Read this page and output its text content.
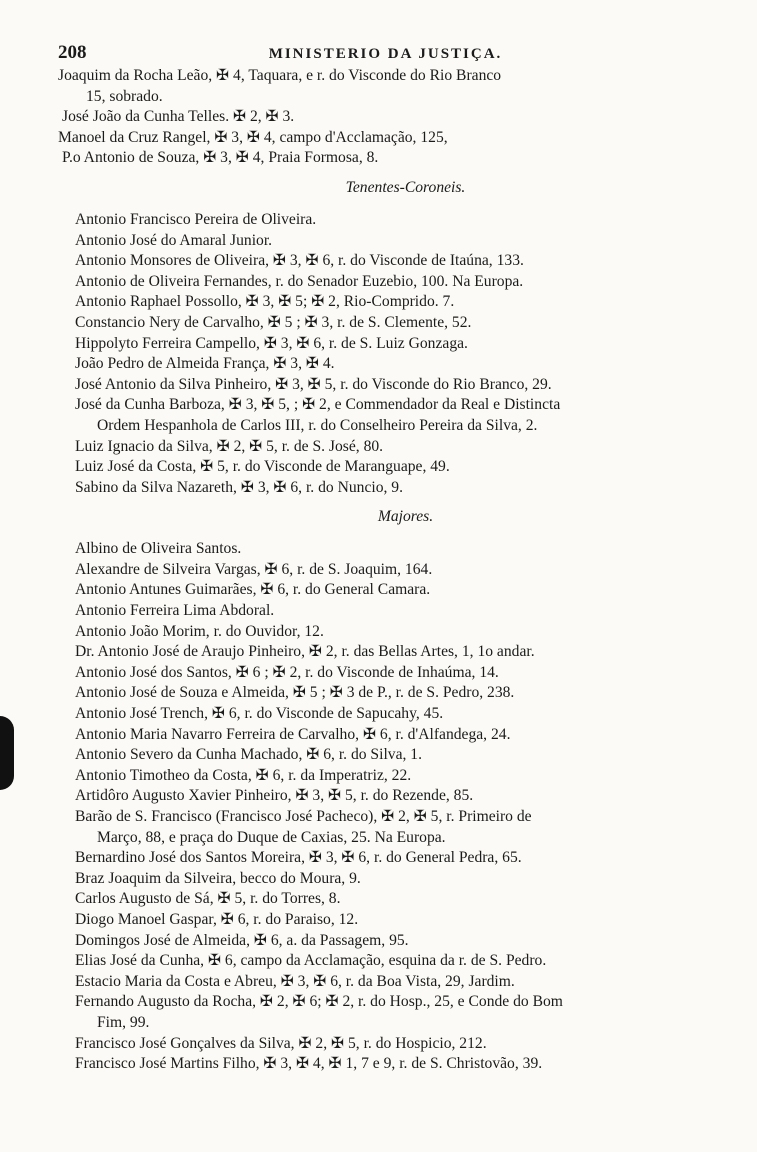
208	MINISTERIO DA JUSTIÇA.
Joaquim da Rocha Leão, ✠ 4, Taquara, e r. do Visconde do Rio Branco
15, sobrado.
José João da Cunha Telles. ✠ 2, ✠ 3.
Manoel da Cruz Rangel, ✠ 3, ✠ 4, campo d'Acclamação, 125,
P.o Antonio de Souza, ✠ 3, ✠ 4, Praia Formosa, 8.
Tenentes-Coroneis.
Antonio Francisco Pereira de Oliveira.
Antonio José do Amaral Junior.
Antonio Monsores de Oliveira, ✠ 3, ✠ 6, r. do Visconde de Itaúna, 133.
Antonio de Oliveira Fernandes, r. do Senador Euzebio, 100. Na Europa.
Antonio Raphael Possollo, ✠ 3, ✠ 5; ✠ 2, Rio-Comprido. 7.
Constancio Nery de Carvalho, ✠ 5 ; ✠ 3, r. de S. Clemente, 52.
Hippolyto Ferreira Campello, ✠ 3, ✠ 6, r. de S. Luiz Gonzaga.
João Pedro de Almeida França, ✠ 3, ✠ 4.
José Antonio da Silva Pinheiro, ✠ 3, ✠ 5, r. do Visconde do Rio Branco, 29.
José da Cunha Barboza, ✠ 3, ✠ 5, ; ✠ 2, e Commendador da Real e Distincta
Ordem Hespanhola de Carlos III, r. do Conselheiro Pereira da Silva, 2.
Luiz Ignacio da Silva, ✠ 2, ✠ 5, r. de S. José, 80.
Luiz José da Costa, ✠ 5, r. do Visconde de Maranguape, 49.
Sabino da Silva Nazareth, ✠ 3, ✠ 6, r. do Nuncio, 9.
Majores.
Albino de Oliveira Santos.
Alexandre de Silveira Vargas, ✠ 6, r. de S. Joaquim, 164.
Antonio Antunes Guimarães, ✠ 6, r. do General Camara.
Antonio Ferreira Lima Abdoral.
Antonio João Morim, r. do Ouvidor, 12.
Dr. Antonio José de Araujo Pinheiro, ✠ 2, r. das Bellas Artes, 1, 1o andar.
Antonio José dos Santos, ✠ 6 ; ✠ 2, r. do Visconde de Inhaúma, 14.
Antonio José de Souza e Almeida, ✠ 5 ; ✠ 3 de P., r. de S. Pedro, 238.
Antonio José Trench, ✠ 6, r. do Visconde de Sapucahy, 45.
Antonio Maria Navarro Ferreira de Carvalho, ✠ 6, r. d'Alfandega, 24.
Antonio Severo da Cunha Machado, ✠ 6, r. do Silva, 1.
Antonio Timotheo da Costa, ✠ 6, r. da Imperatriz, 22.
Artidôro Augusto Xavier Pinheiro, ✠ 3, ✠ 5, r. do Rezende, 85.
Barão de S. Francisco (Francisco José Pacheco), ✠ 2, ✠ 5, r. Primeiro de
Março, 88, e praça do Duque de Caxias, 25. Na Europa.
Bernardino José dos Santos Moreira, ✠ 3, ✠ 6, r. do General Pedra, 65.
Braz Joaquim da Silveira, becco do Moura, 9.
Carlos Augusto de Sá, ✠ 5, r. do Torres, 8.
Diogo Manoel Gaspar, ✠ 6, r. do Paraiso, 12.
Domingos José de Almeida, ✠ 6, a. da Passagem, 95.
Elias José da Cunha, ✠ 6, campo da Acclamação, esquina da r. de S. Pedro.
Estacio Maria da Costa e Abreu, ✠ 3, ✠ 6, r. da Boa Vista, 29, Jardim.
Fernando Augusto da Rocha, ✠ 2, ✠ 6; ✠ 2, r. do Hosp., 25, e Conde do Bom
Fim, 99.
Francisco José Gonçalves da Silva, ✠ 2, ✠ 5, r. do Hospicio, 212.
Francisco José Martins Filho, ✠ 3, ✠ 4, ✠ 1, 7 e 9, r. de S. Christovão, 39.
